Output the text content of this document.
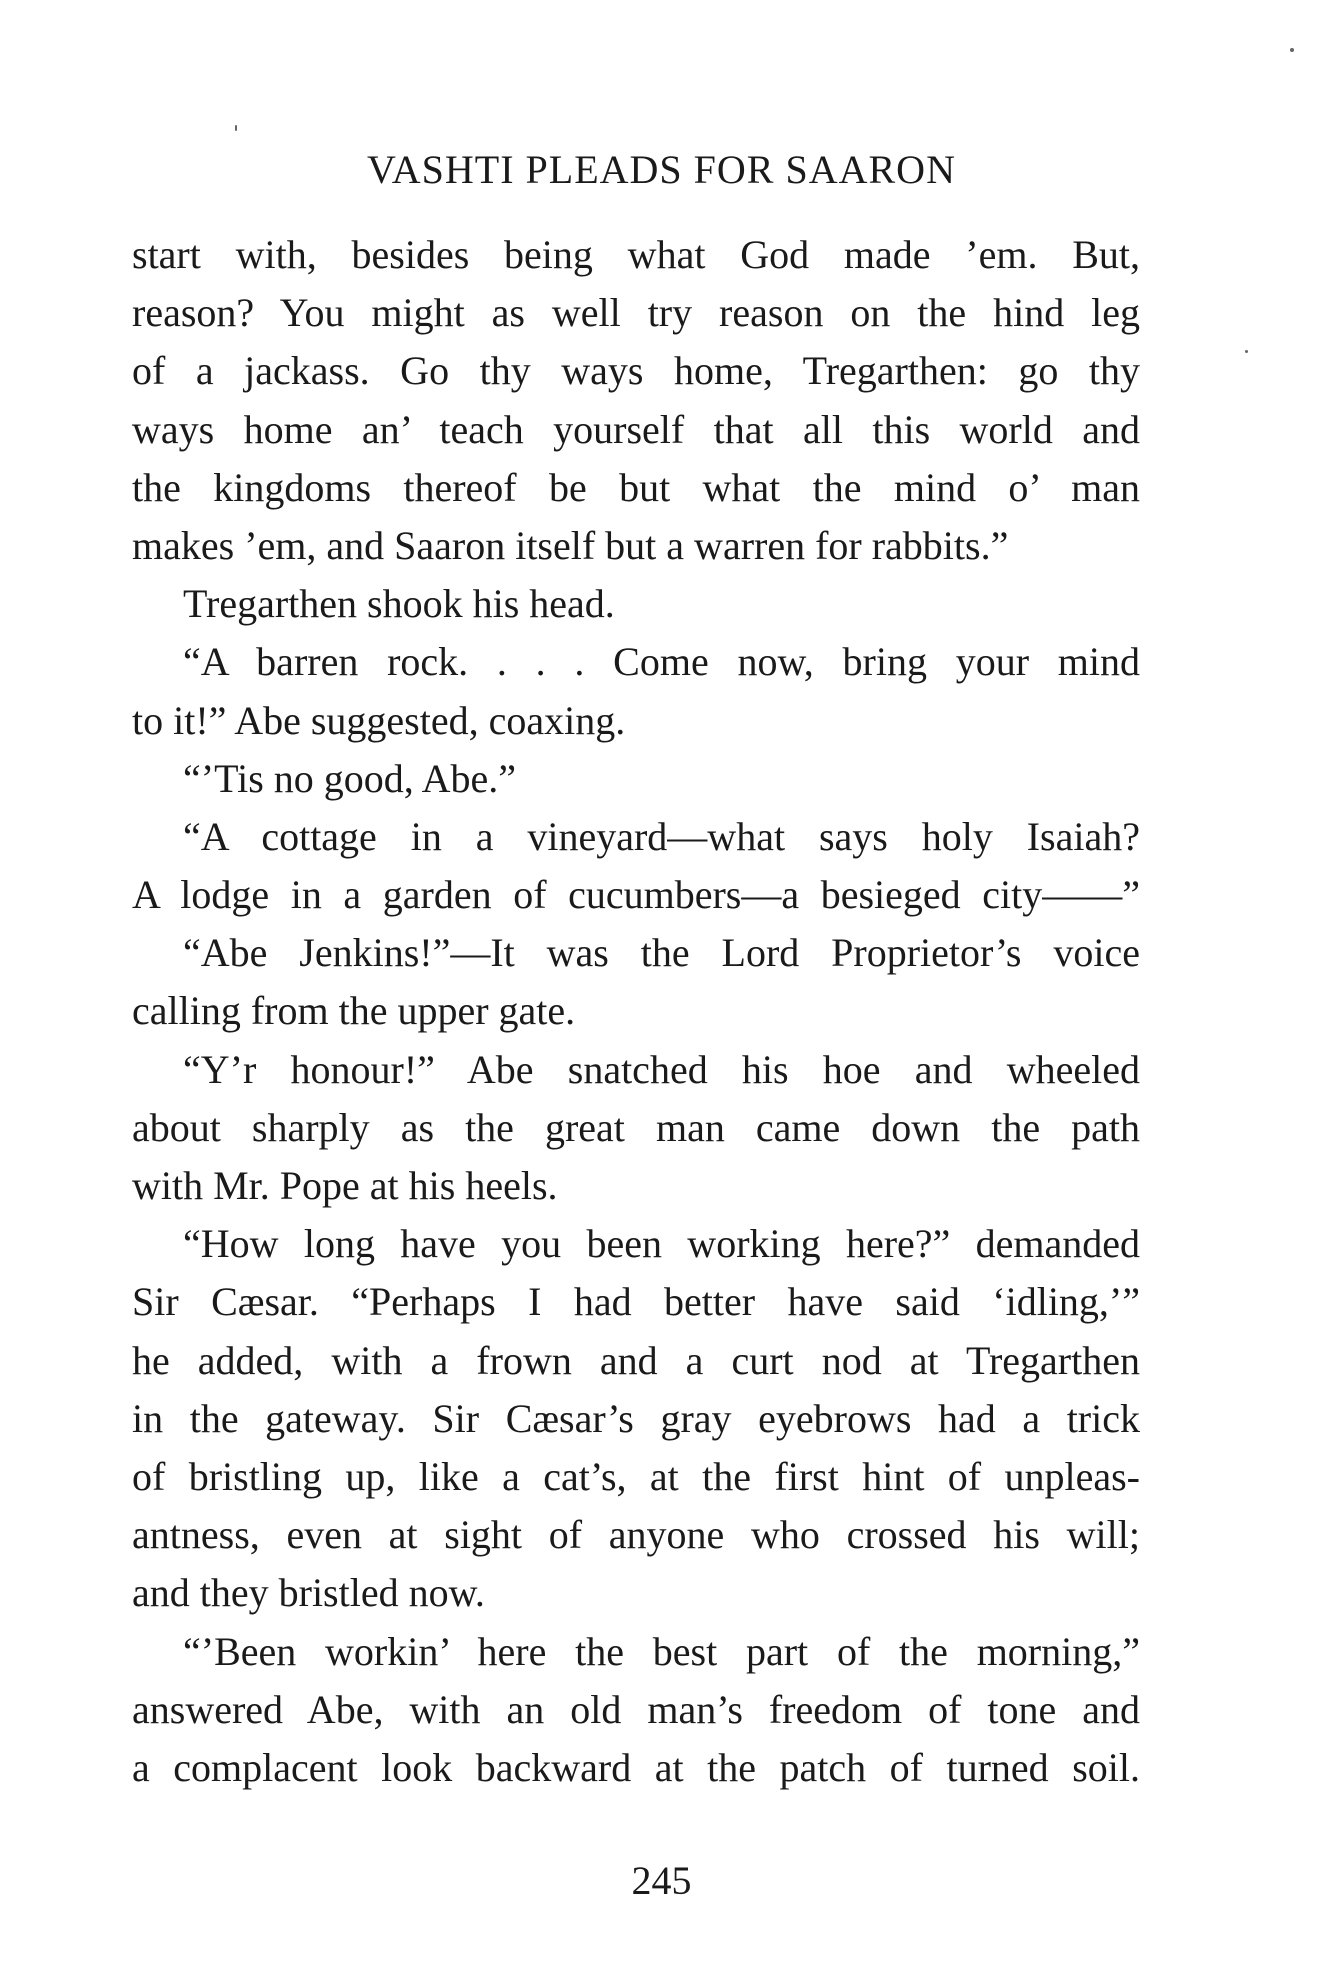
VASHTI PLEADS FOR SAARON
start with, besides being what God made ’em. But,
reason? You might as well try reason on the hind leg
of a jackass. Go thy ways home, Tregarthen: go thy
ways home an’ teach yourself that all this world and
the kingdoms thereof be but what the mind o’ man
makes ’em, and Saaron itself but a warren for rabbits.”
Tregarthen shook his head.
“A barren rock. . . . Come now, bring your mind
to it!” Abe suggested, coaxing.
“’Tis no good, Abe.”
“A cottage in a vineyard—what says holy Isaiah?
A lodge in a garden of cucumbers—a besieged city——”
“Abe Jenkins!”—It was the Lord Proprietor’s voice
calling from the upper gate.
“Y’r honour!” Abe snatched his hoe and wheeled
about sharply as the great man came down the path
with Mr. Pope at his heels.
“How long have you been working here?” demanded
Sir Cæsar. “Perhaps I had better have said ‘idling,’”
he added, with a frown and a curt nod at Tregarthen
in the gateway. Sir Cæsar’s gray eyebrows had a trick
of bristling up, like a cat’s, at the first hint of unpleas-
antness, even at sight of anyone who crossed his will;
and they bristled now.
“’Been workin’ here the best part of the morning,”
answered Abe, with an old man’s freedom of tone and
a complacent look backward at the patch of turned soil.
245
